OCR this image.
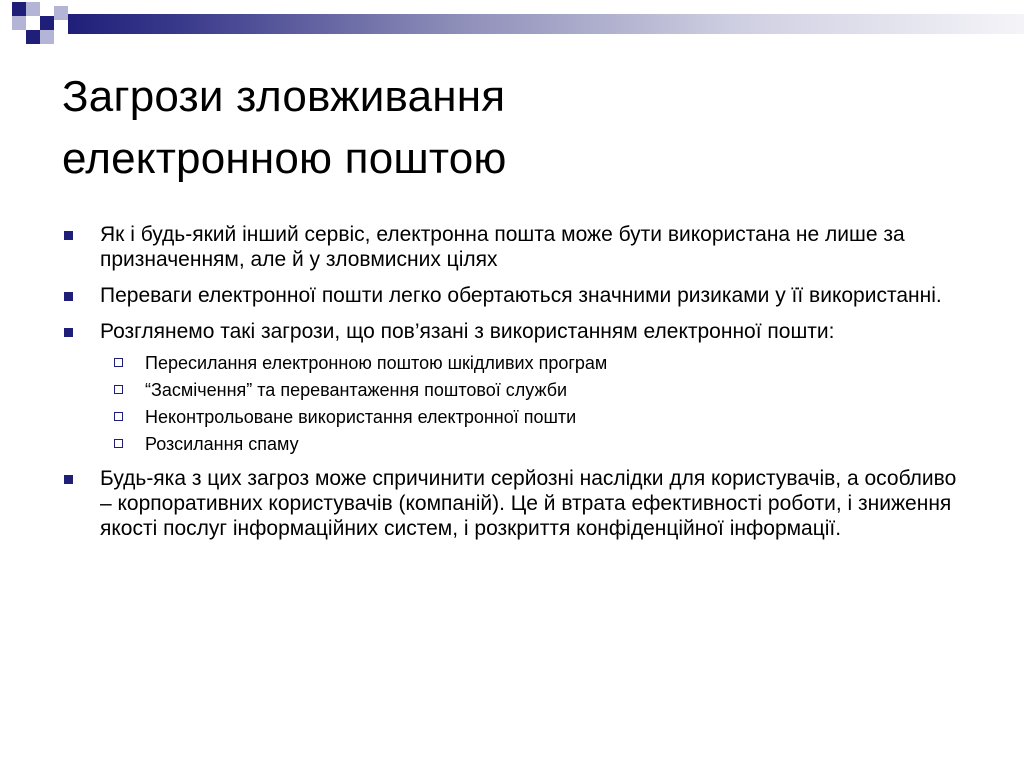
Загрози зловживання
електронною поштою
Як і будь-який інший сервіс, електронна пошта може бути використана не лише за призначенням, але й у зловмисних цілях
Переваги електронної пошти легко обертаються значними ризиками у її використанні.
Розглянемо такі загрози, що пов’язані з використанням електронної пошти:
Пересилання електронною поштою шкідливих програм
“Засмічення” та перевантаження поштової служби
Неконтрольоване використання електронної пошти
Розсилання спаму
Будь-яка з цих загроз може спричинити серйозні наслідки для користувачів, а особливо – корпоративних користувачів (компаній). Це й втрата ефективності роботи, і зниження якості послуг інформаційних систем, і розкриття конфіденційної інформації.
